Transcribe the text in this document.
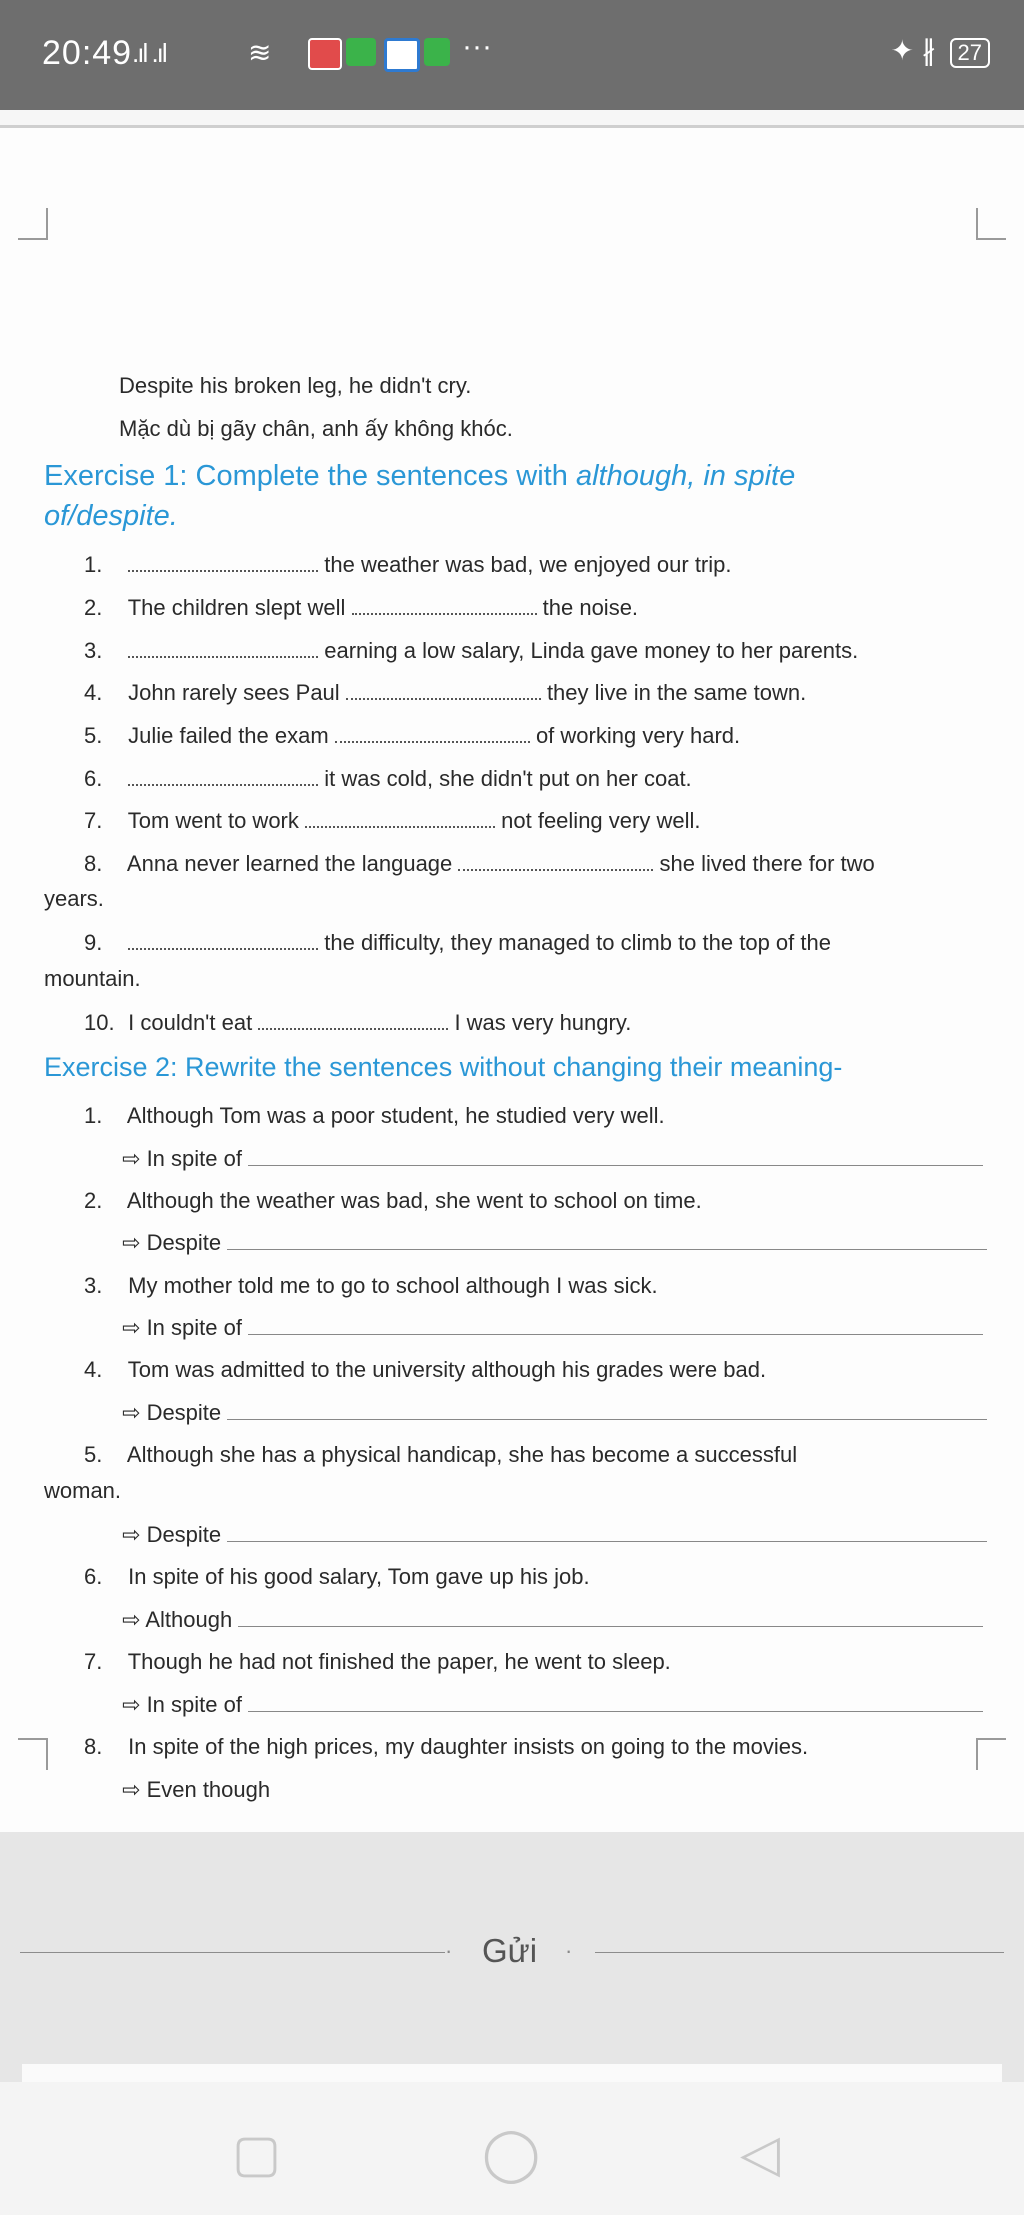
20:49 .ıl .ıl	≋	···	✦ ∦ 27
Despite his broken leg, he didn't cry.
Mặc dù bị gãy chân, anh ấy không khóc.
Exercise 1: Complete the sentences with although, in spite
of/despite.
1.	the weather was bad, we enjoyed our trip.
2. The children slept well	the noise.
3.	earning a low salary, Linda gave money to her parents.
4. John rarely sees Paul	they live in the same town.
5. Julie failed the exam	of working very hard.
6.	it was cold, she didn't put on her coat.
7. Tom went to work	not feeling very well.
8. Anna never learned the language	she lived there for two
years.
9.	the difficulty, they managed to climb to the top of the
mountain.
10. I couldn't eat	I was very hungry.
Exercise 2: Rewrite the sentences without changing their meaning-
1. Although Tom was a poor student, he studied very well.
⇨ In spite of
2. Although the weather was bad, she went to school on time.
⇨ Despite
3. My mother told me to go to school although I was sick.
⇨ In spite of
4. Tom was admitted to the university although his grades were bad.
⇨ Despite
5. Although she has a physical handicap, she has become a successful
woman.
⇨ Despite
6. In spite of his good salary, Tom gave up his job.
⇨ Although
7. Though he had not finished the paper, he went to sleep.
⇨ In spite of
8. In spite of the high prices, my daughter insists on going to the movies.
⇨ Even though
· Gửi ·
▢	◯	◁
